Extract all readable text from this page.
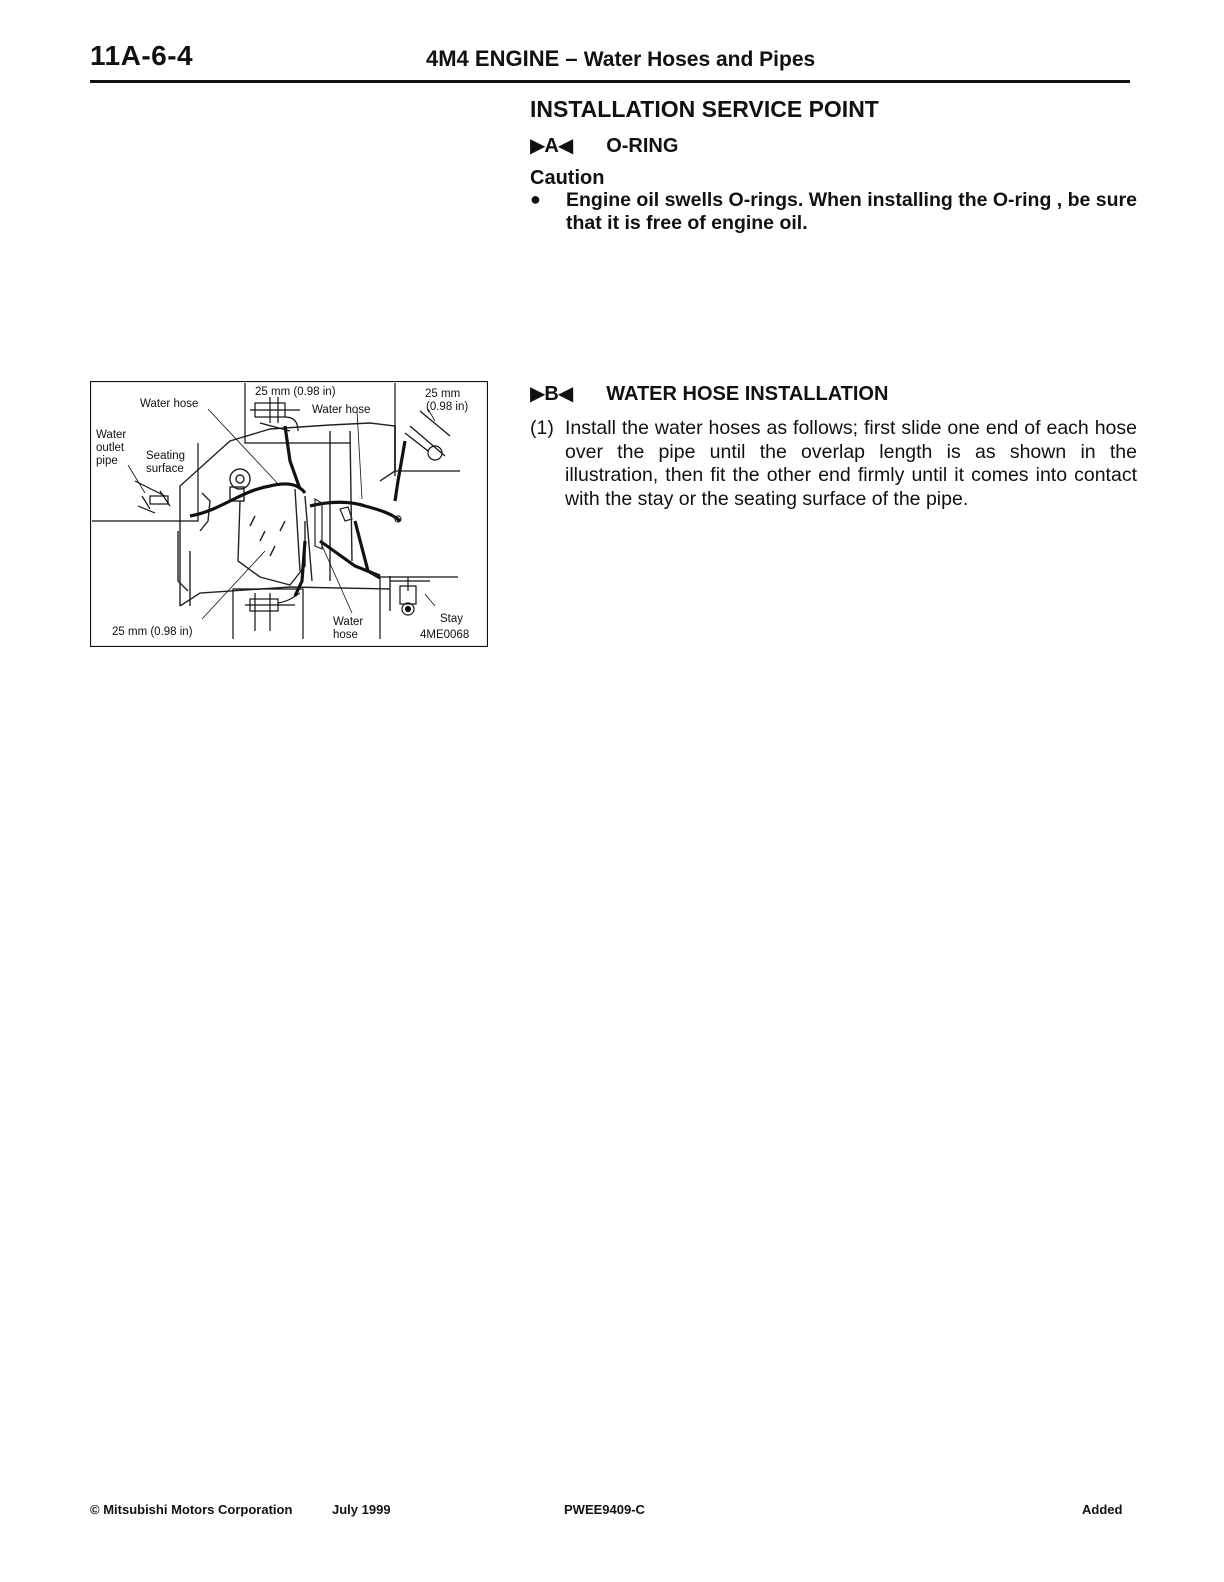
11A-6-4	4M4 ENGINE – Water Hoses and Pipes
INSTALLATION SERVICE POINT
▶A◀ O-RING
Caution
● Engine oil swells O-rings. When installing the O-ring , be sure that it is free of engine oil.
▶B◀ WATER HOSE INSTALLATION
(1) Install the water hoses as follows; first slide one end of each hose over the pipe until the overlap length is as shown in the illustration, then fit the other end firmly until it comes into contact with the stay or the seating surface of the pipe.
Water hose
25 mm (0.98 in)
Water hose
25 mm
(0.98 in)
Water
outlet
pipe Seating
surface
25 mm (0.98 in)
Water
hose
Stay
4ME0068
© Mitsubishi Motors Corporation	July 1999	PWEE9409-C	Added
